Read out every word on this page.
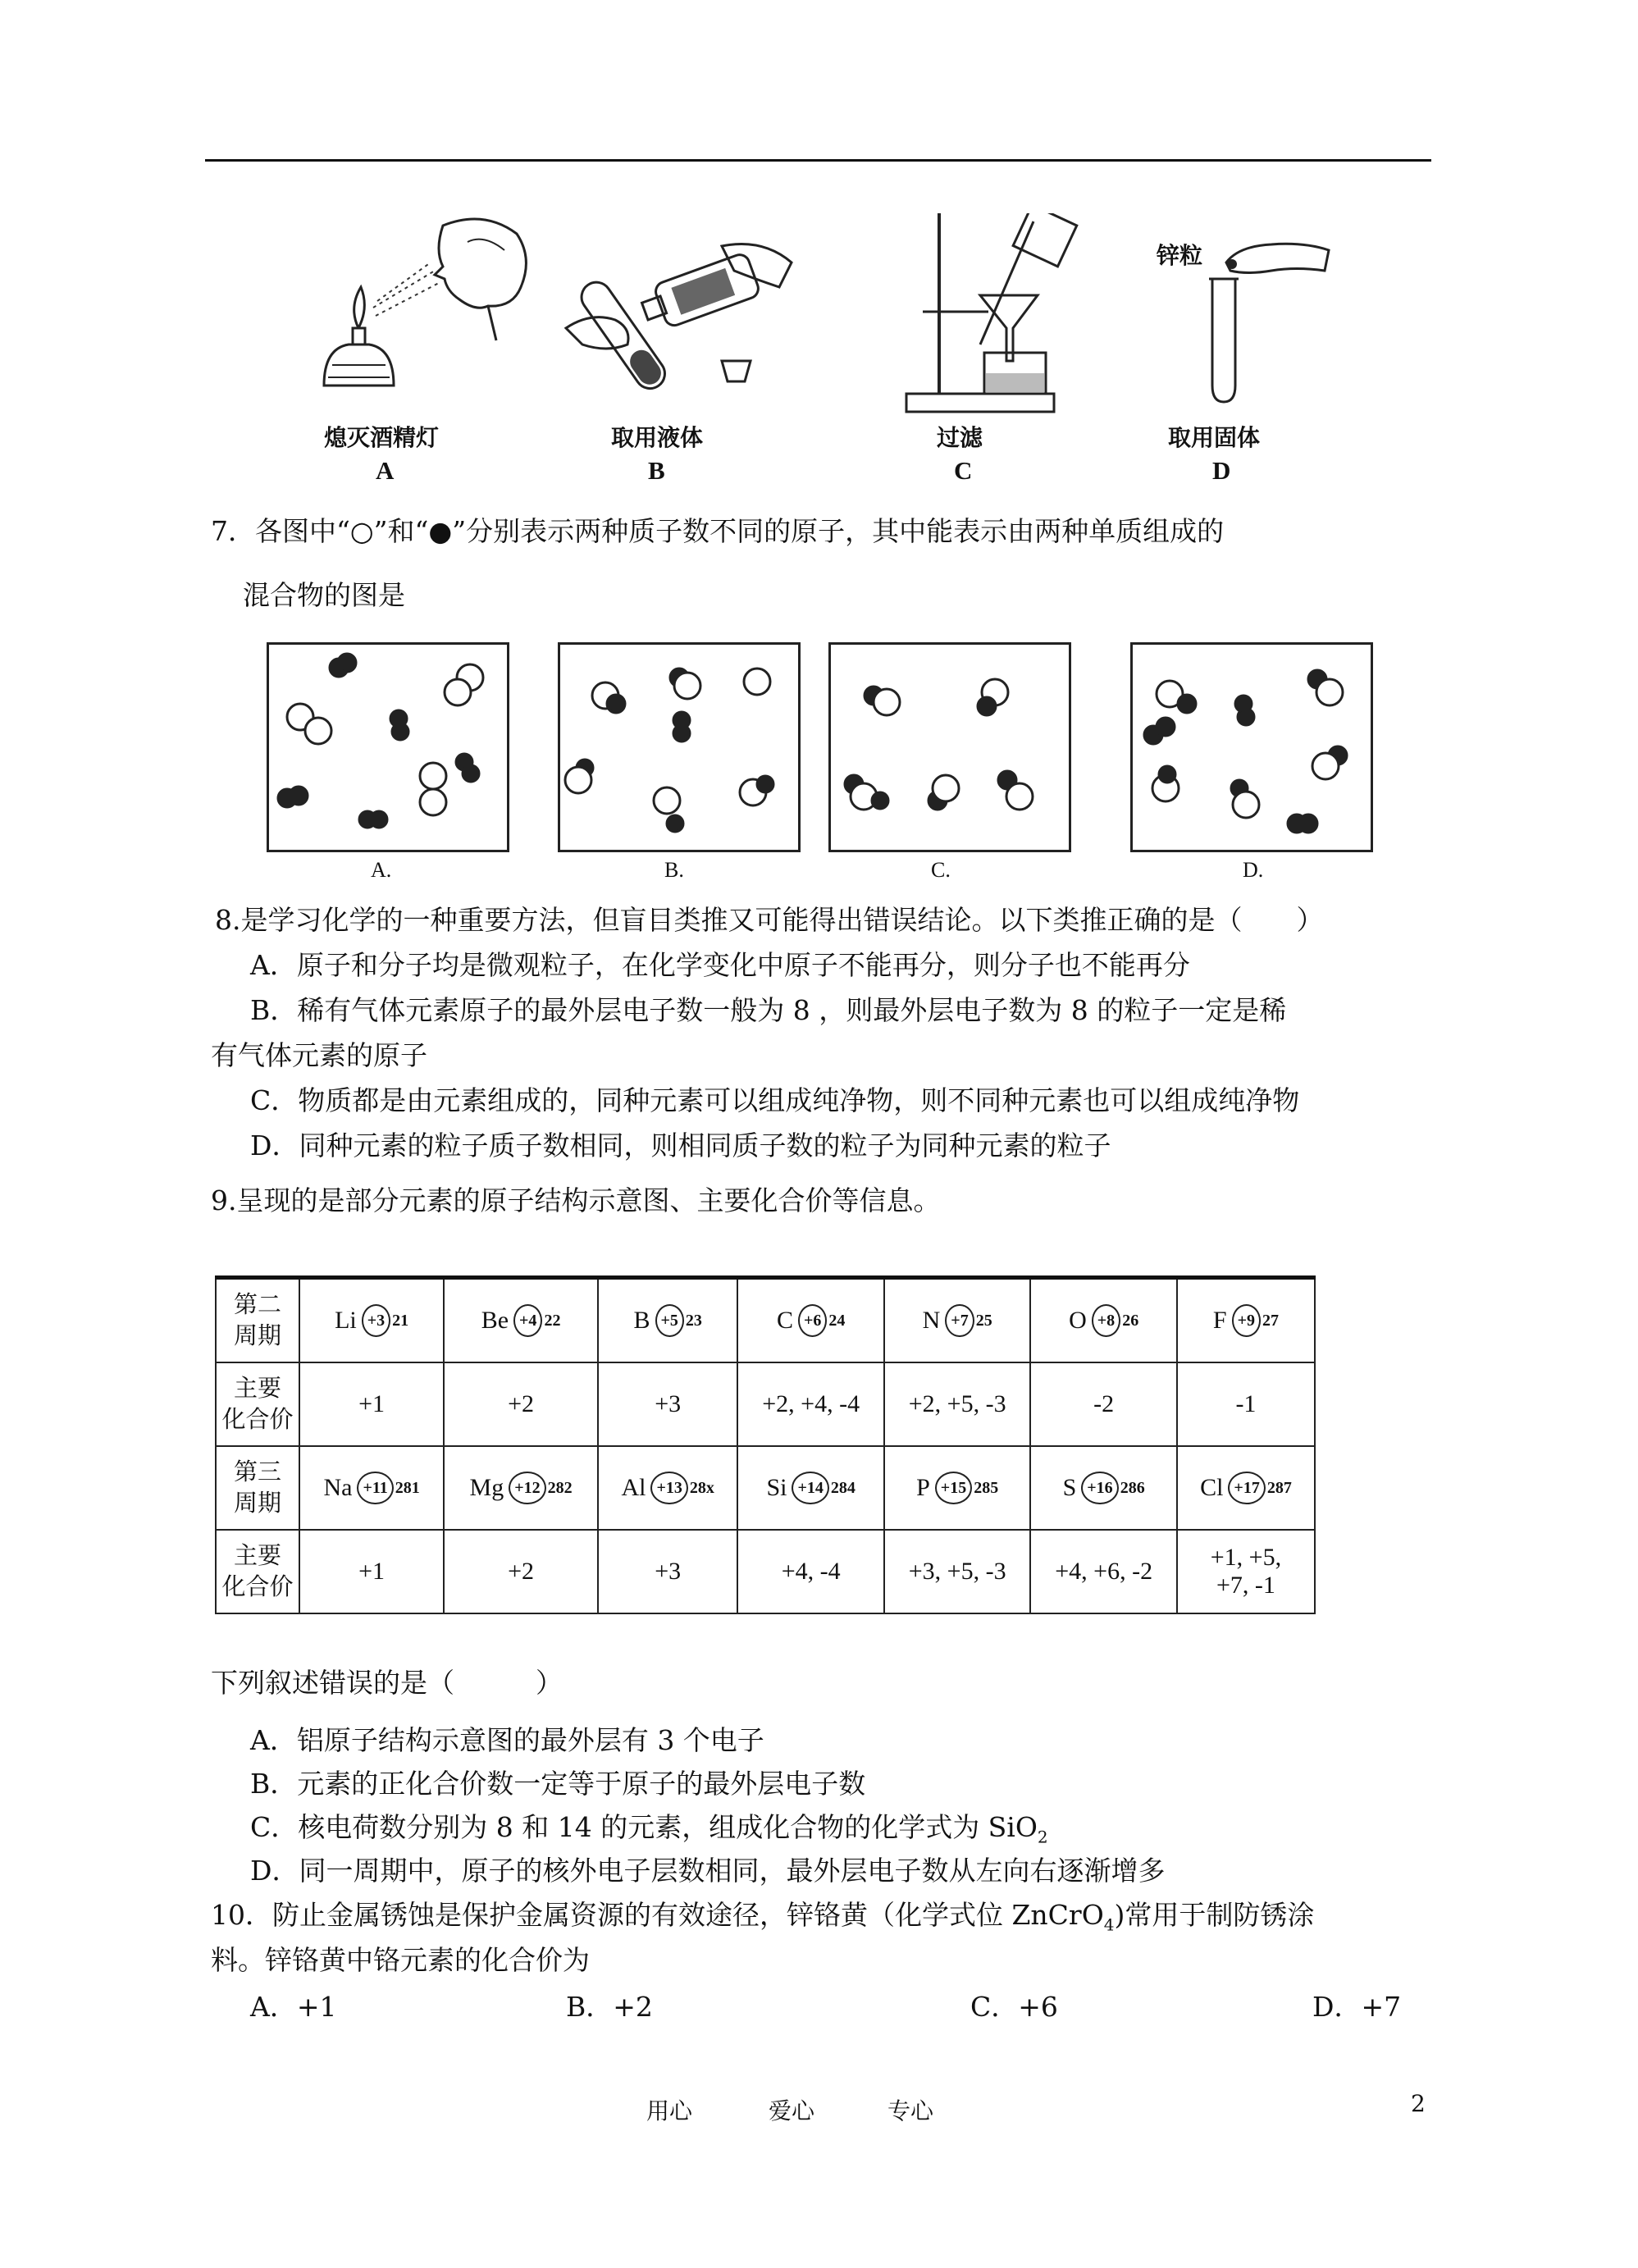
熄灭酒精灯
A
取用液体
B
过滤
C
锌粒
取用固体
D
7．各图中“○”和“●”分别表示两种质子数不同的原子，其中能表示由两种单质组成的
混合物的图是
A.	B.	C.	D.
8.是学习化学的一种重要方法，但盲目类推又可能得出错误结论。以下类推正确的是（　　）
A．原子和分子均是微观粒子，在化学变化中原子不能再分，则分子也不能再分
B．稀有气体元素原子的最外层电子数一般为 8 ，则最外层电子数为 8 的粒子一定是稀
有气体元素的原子
C．物质都是由元素组成的，同种元素可以组成纯净物，则不同种元素也可以组成纯净物
D．同种元素的粒子质子数相同，则相同质子数的粒子为同种元素的粒子
9.呈现的是部分元素的原子结构示意图、主要化合价等信息。
第二
周期	Li +3 21	Be +4 22	B +5 23	C +6 24	N +7 25	O +8 26	F +9 27
主要
化合价	+1	+2	+3	+2, +4, -4	+2, +5, -3	-2	-1
第三
周期	Na +11 281	Mg +12 282	Al +13 28x	Si +14 284	P +15 285	S +16 286	Cl +17 287
主要
化合价	+1	+2	+3	+4, -4	+3, +5, -3	+4, +6, -2	+1, +5,
+7, -1
下列叙述错误的是（　　　）
A．铝原子结构示意图的最外层有 3 个电子
B．元素的正化合价数一定等于原子的最外层电子数
C．核电荷数分别为 8 和 14 的元素，组成化合物的化学式为 SiO$_2$
D．同一周期中，原子的核外电子层数相同，最外层电子数从左向右逐渐增多
10．防止金属锈蚀是保护金属资源的有效途径，锌铬黄（化学式位 ZnCrO$_4$)常用于制防锈涂
料。锌铬黄中铬元素的化合价为
A．+1	B．+2	C．+6	D．+7
用心	爱心	专心	2
